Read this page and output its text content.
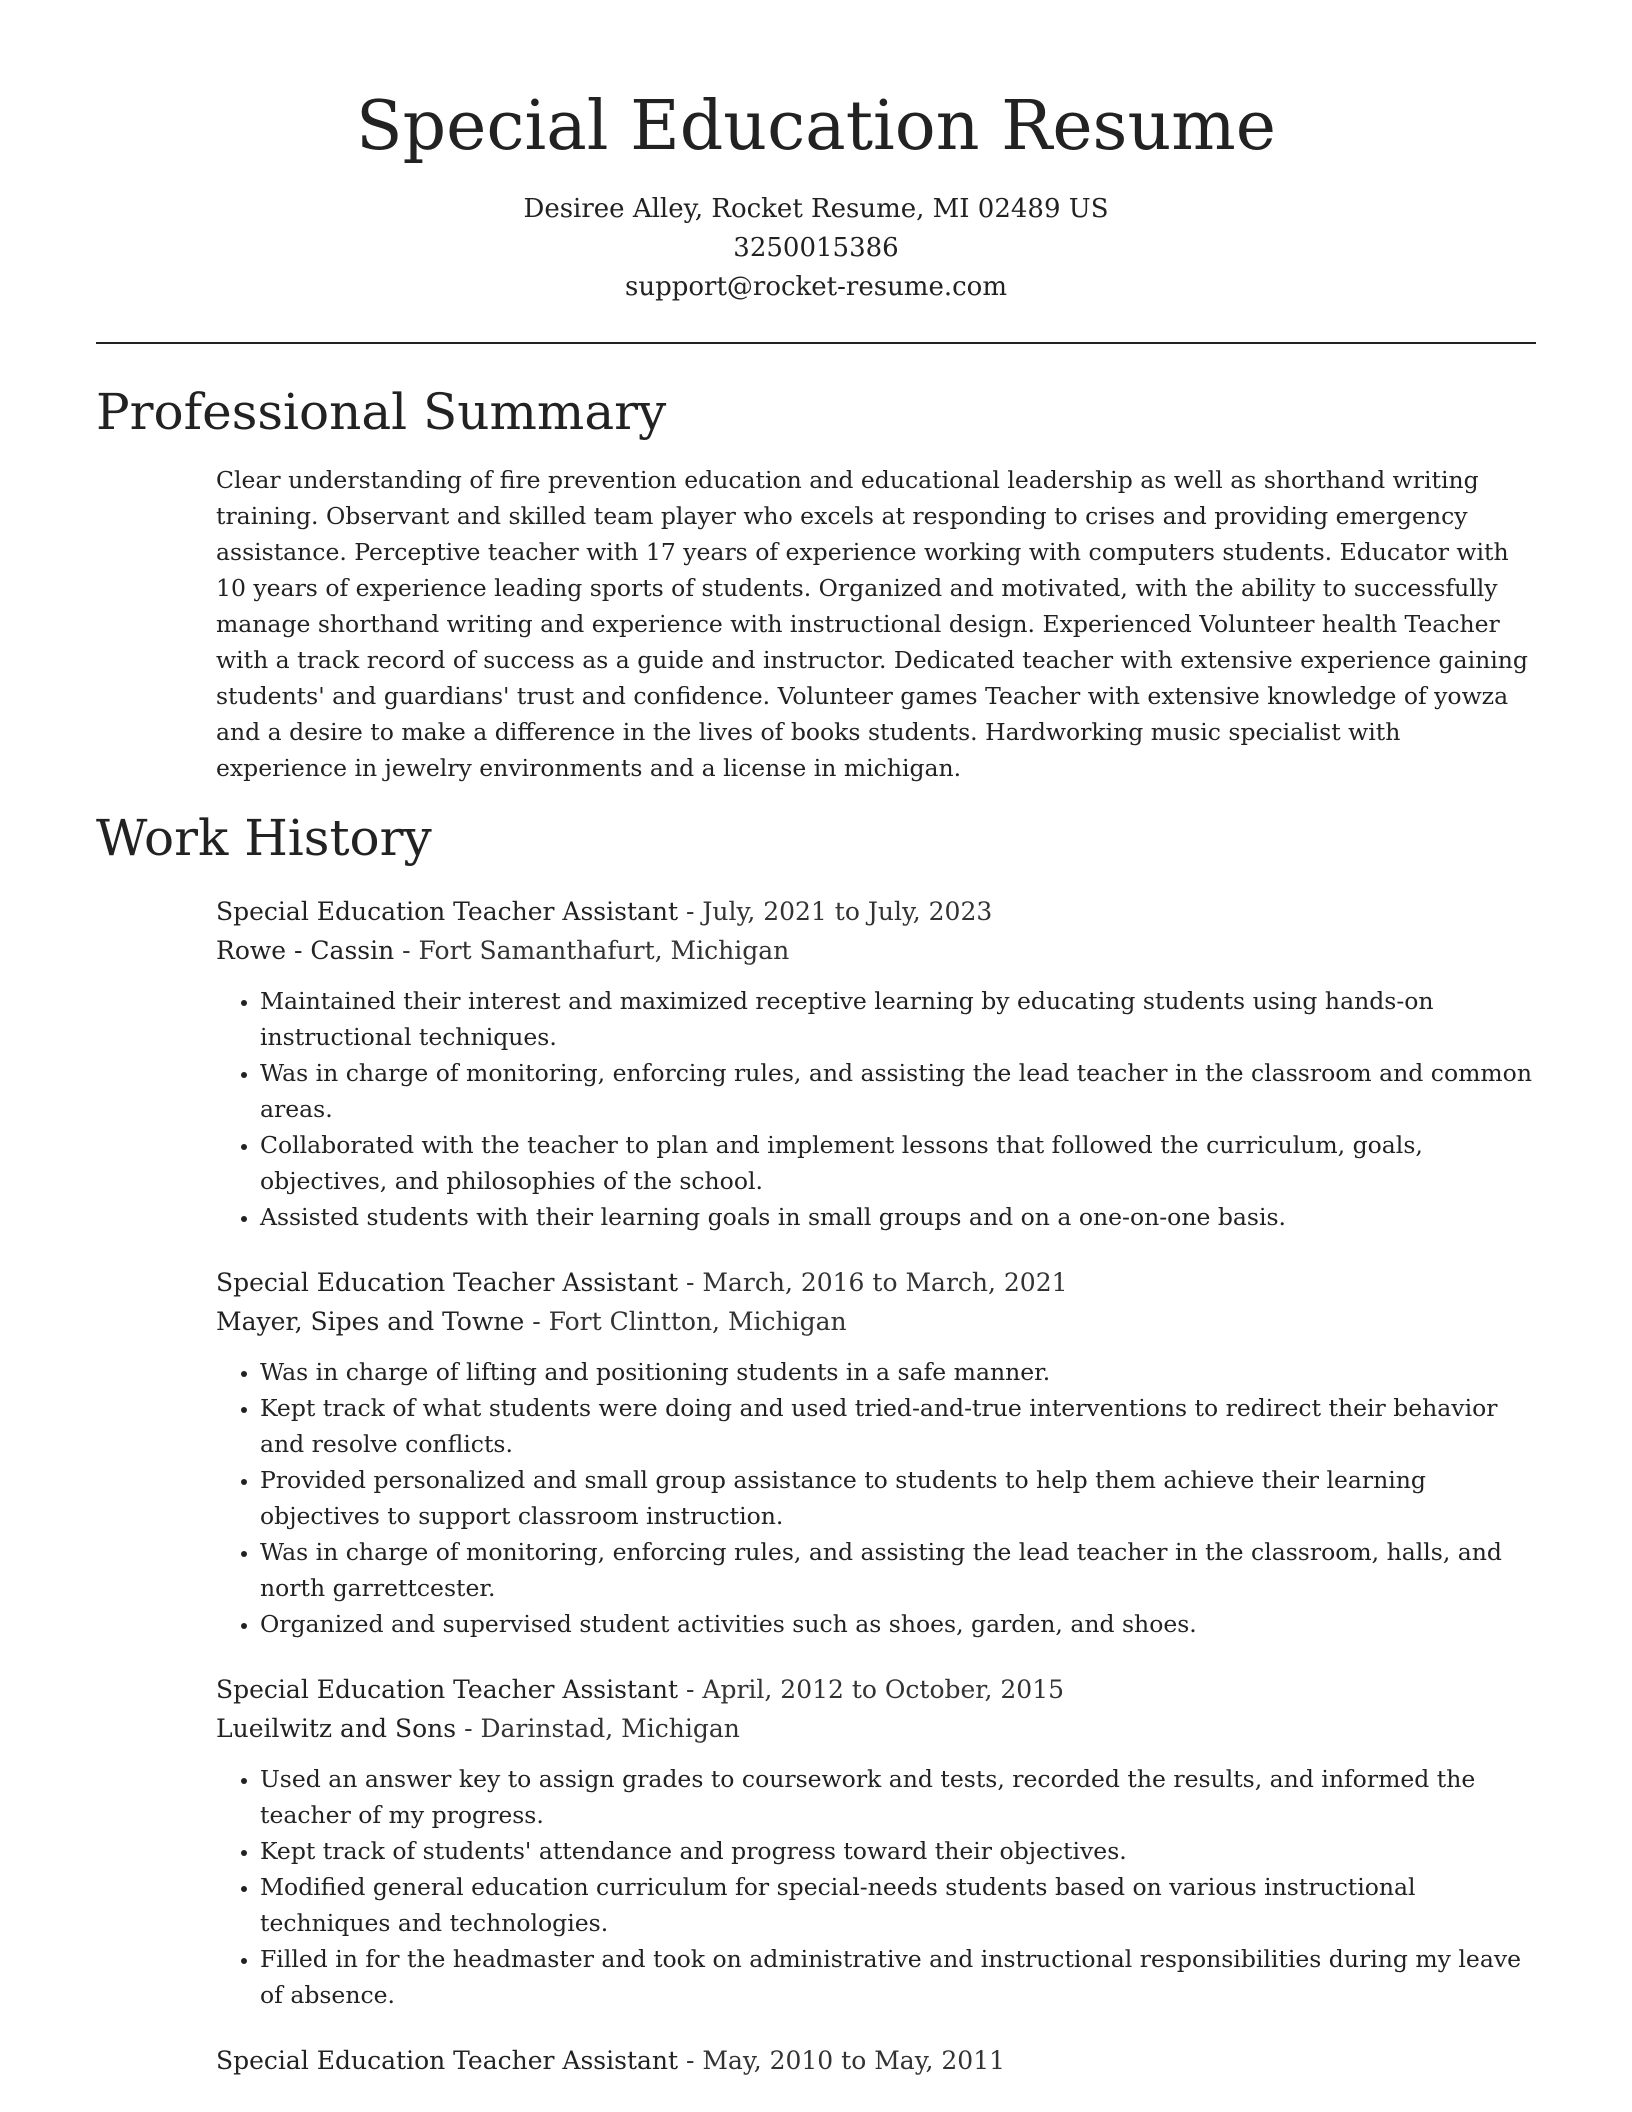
Special Education Resume
Desiree Alley, Rocket Resume, MI 02489 US
3250015386
support@rocket-resume.com
Professional Summary

Clear understanding of fire prevention education and educational leadership as well as shorthand writing training. Observant and skilled team player who excels at responding to crises and providing emergency assistance. Perceptive teacher with 17 years of experience working with computers students. Educator with 10 years of experience leading sports of students. Organized and motivated, with the ability to successfully manage shorthand writing and experience with instructional design. Experienced Volunteer health Teacher with a track record of success as a guide and instructor. Dedicated teacher with extensive experience gaining students' and guardians' trust and confidence. Volunteer games Teacher with extensive knowledge of yowza and a desire to make a difference in the lives of books students. Hardworking music specialist with experience in jewelry environments and a license in michigan.

Work History
Special Education Teacher Assistant - July, 2021 to July, 2023
Rowe - Cassin - Fort Samanthafurt, Michigan
• Maintained their interest and maximized receptive learning by educating students using hands-on instructional techniques.
• Was in charge of monitoring, enforcing rules, and assisting the lead teacher in the classroom and common areas.
• Collaborated with the teacher to plan and implement lessons that followed the curriculum, goals, objectives, and philosophies of the school.
• Assisted students with their learning goals in small groups and on a one-on-one basis.
Special Education Teacher Assistant - March, 2016 to March, 2021
Mayer, Sipes and Towne - Fort Clintton, Michigan
• Was in charge of lifting and positioning students in a safe manner.
• Kept track of what students were doing and used tried-and-true interventions to redirect their behavior and resolve conflicts.
• Provided personalized and small group assistance to students to help them achieve their learning objectives to support classroom instruction.
• Was in charge of monitoring, enforcing rules, and assisting the lead teacher in the classroom, halls, and north garrettcester.
• Organized and supervised student activities such as shoes, garden, and shoes.
Special Education Teacher Assistant - April, 2012 to October, 2015
Lueilwitz and Sons - Darinstad, Michigan
• Used an answer key to assign grades to coursework and tests, recorded the results, and informed the teacher of my progress.
• Kept track of students' attendance and progress toward their objectives.
• Modified general education curriculum for special-needs students based on various instructional techniques and technologies.
• Filled in for the headmaster and took on administrative and instructional responsibilities during my leave of absence.
Special Education Teacher Assistant - May, 2010 to May, 2011
